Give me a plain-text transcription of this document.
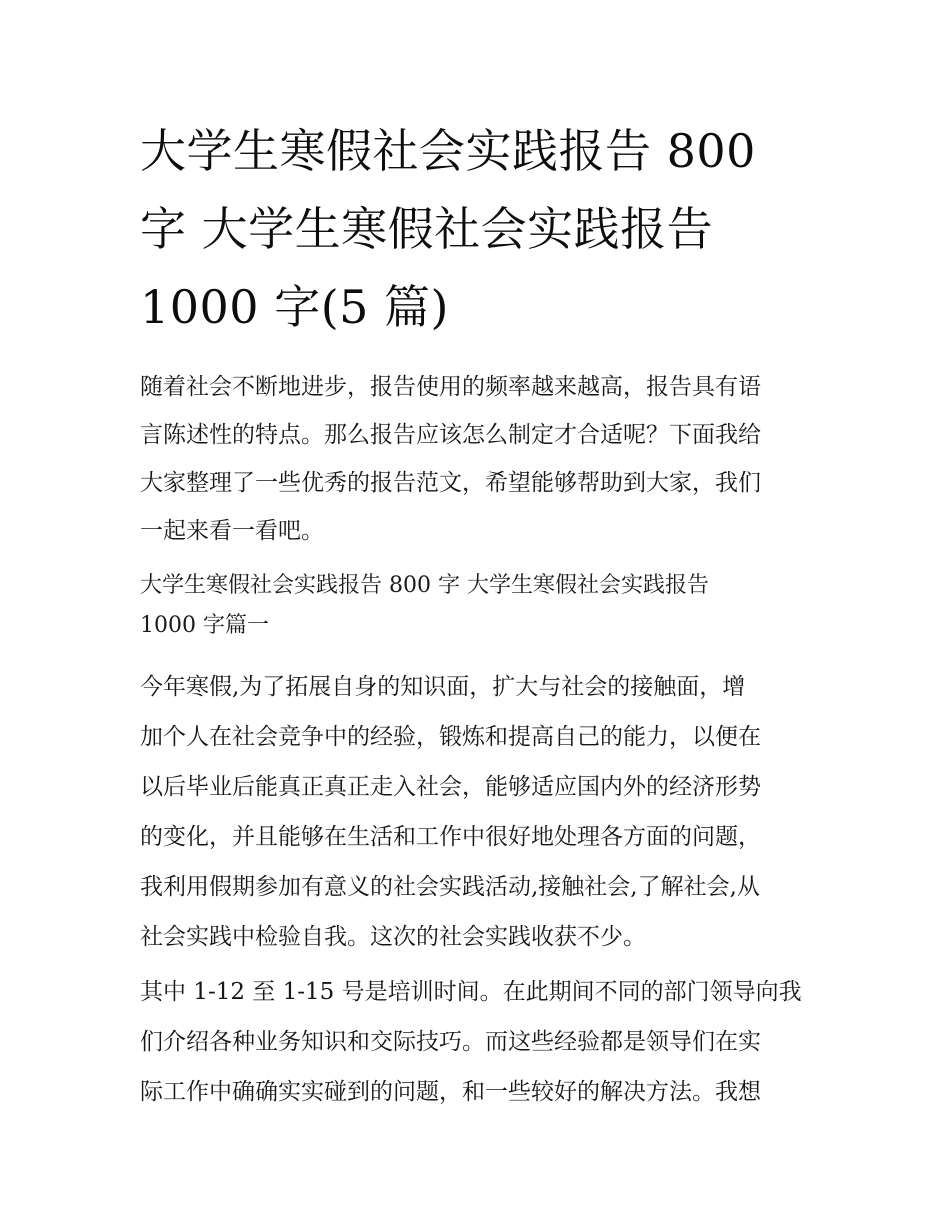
大学生寒假社会实践报告 800
字 大学生寒假社会实践报告
1000 字(5 篇)

随着社会不断地进步，报告使用的频率越来越高，报告具有语
言陈述性的特点。那么报告应该怎么制定才合适呢？下面我给
大家整理了一些优秀的报告范文，希望能够帮助到大家，我们
一起来看一看吧。

大学生寒假社会实践报告 800 字 大学生寒假社会实践报告
1000 字篇一

今年寒假,为了拓展自身的知识面，扩大与社会的接触面，增
加个人在社会竞争中的经验，锻炼和提高自己的能力，以便在
以后毕业后能真正真正走入社会，能够适应国内外的经济形势
的变化，并且能够在生活和工作中很好地处理各方面的问题，
我利用假期参加有意义的社会实践活动,接触社会,了解社会,从
社会实践中检验自我。这次的社会实践收获不少。

其中 1-12 至 1-15 号是培训时间。在此期间不同的部门领导向我
们介绍各种业务知识和交际技巧。而这些经验都是领导们在实
际工作中确确实实碰到的问题，和一些较好的解决方法。我想
